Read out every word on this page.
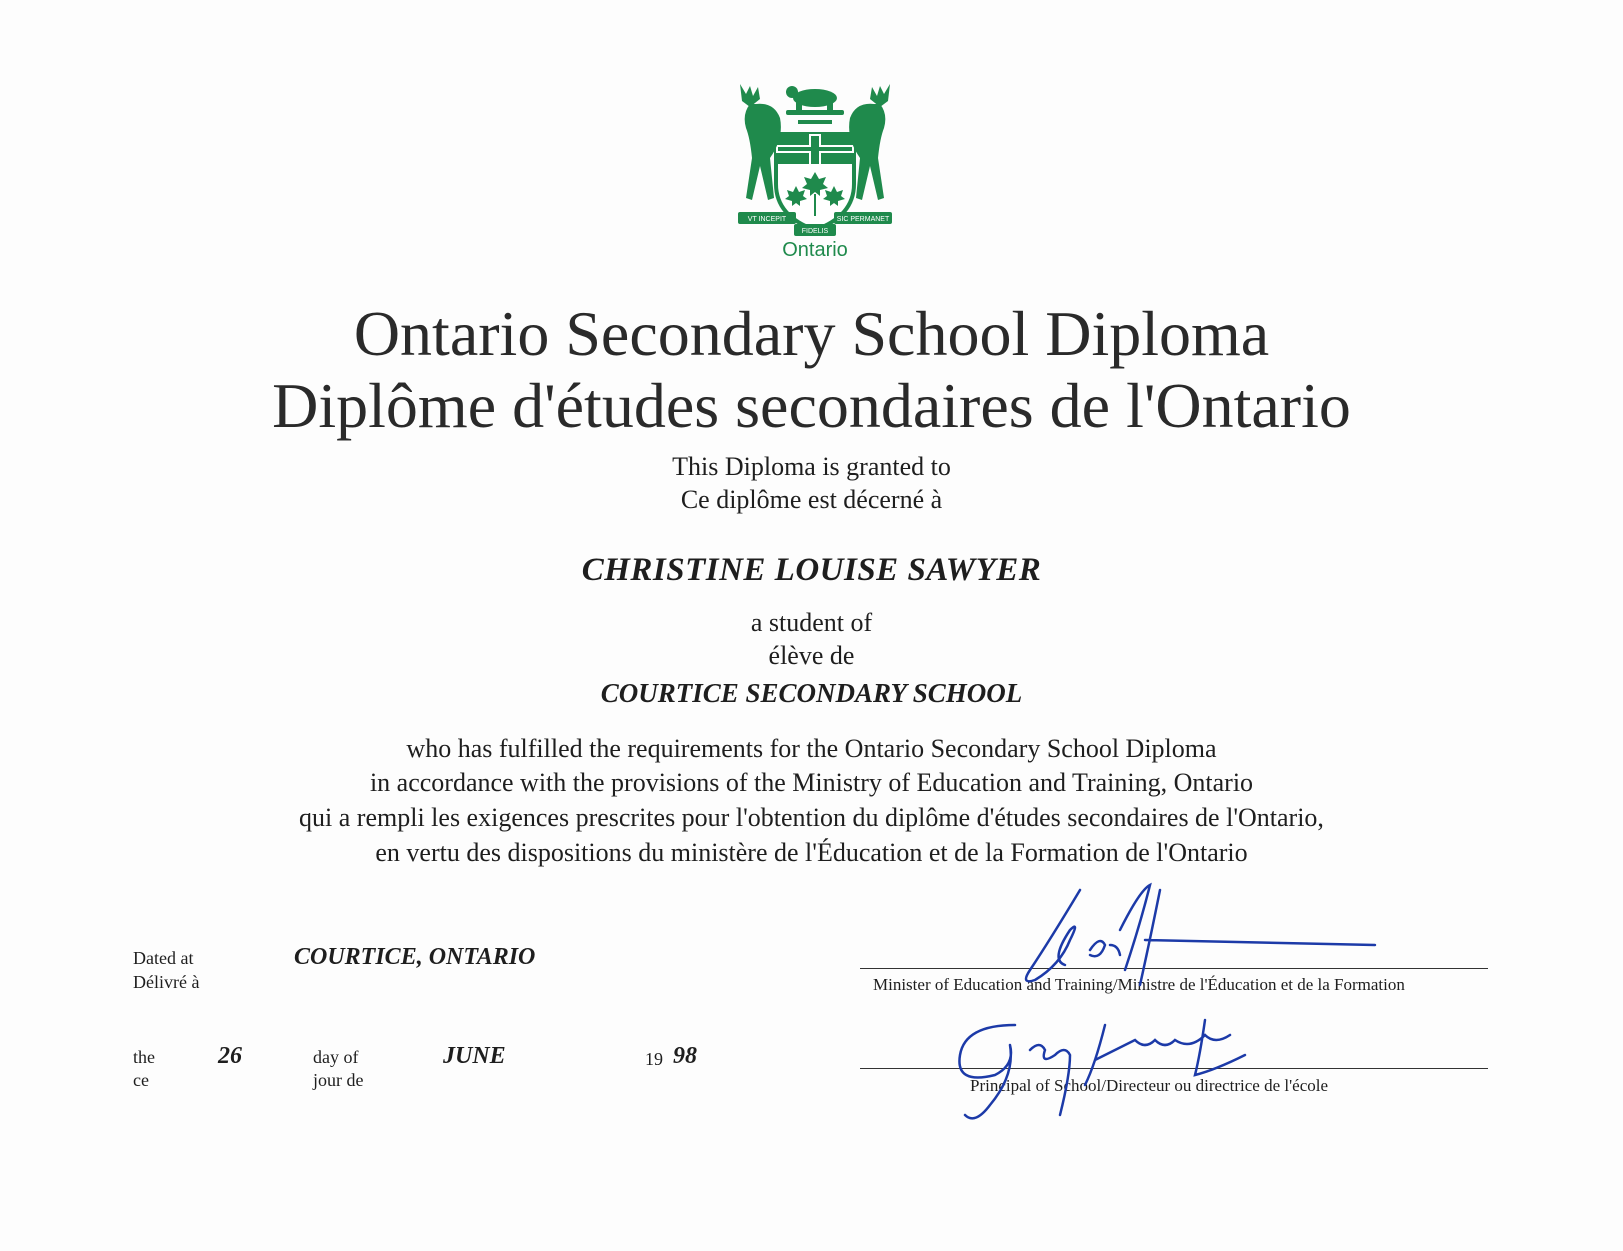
VT INCEPIT	SIC PERMANET
FIDELIS
Ontario
Ontario Secondary School Diploma
Diplôme d'études secondaires de l'Ontario

This Diploma is granted to

Ce diplôme est décerné à

CHRISTINE LOUISE SAWYER

a student of

élève de

COURTICE SECONDARY SCHOOL

who has fulfilled the requirements for the Ontario Secondary School Diploma

in accordance with the provisions of the Ministry of Education and Training, Ontario

qui a rempli les exigences prescrites pour l'obtention du diplôme d'études secondaires de l'Ontario,

en vertu des dispositions du ministère de l'Éducation et de la Formation de l'Ontario

Dated at
Délivré à
COURTICE, ONTARIO
the
ce
26	day of
jour de
JUNE	19 98
Minister of Education and Training/Ministre de l'Éducation et de la Formation
Principal of School/Directeur ou directrice de l'école
